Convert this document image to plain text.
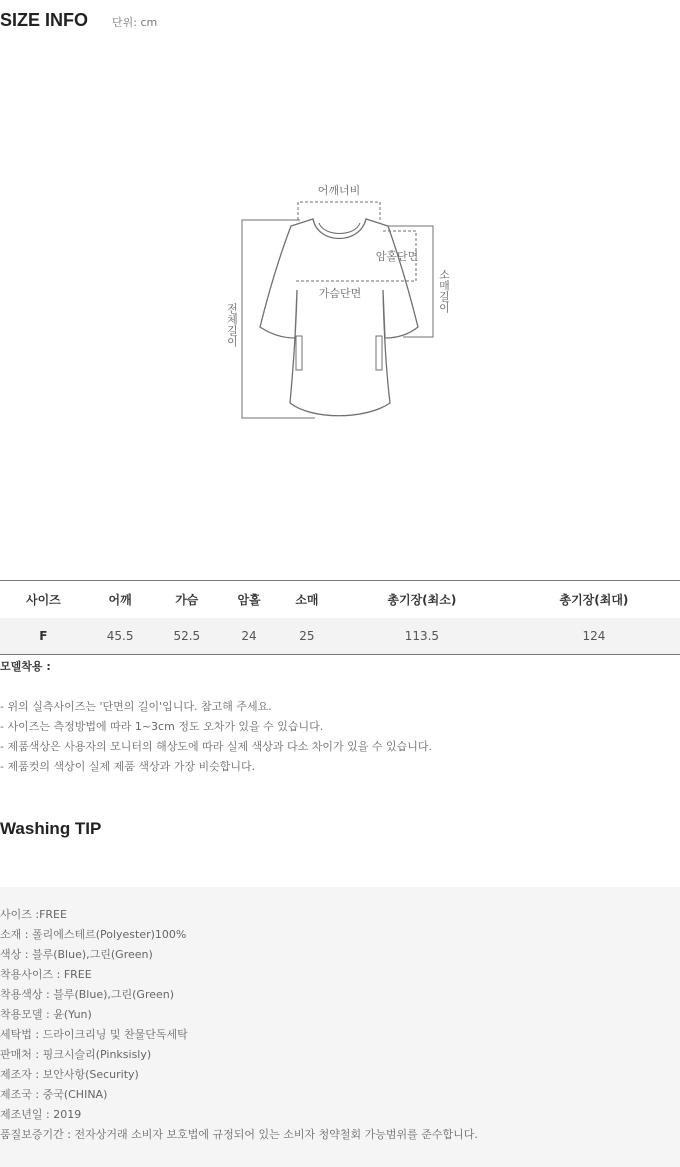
SIZE INFO 단위: cm
어깨너비
암홀단면
가슴단면	소매길이
전체길이
사이즈	어깨	가슴	암홀	소매	총기장(최소)	총기장(최대)
F	45.5	52.5	24	25	113.5	124
모델착용 :
- 위의 실측사이즈는 '단면의 길이'입니다. 참고해 주세요.
- 사이즈는 측정방법에 따라 1~3cm 정도 오차가 있을 수 있습니다.
- 제품색상은 사용자의 모니터의 해상도에 따라 실제 색상과 다소 차이가 있을 수 있습니다.
- 제품컷의 색상이 실제 제품 색상과 가장 비슷합니다.
Washing TIP
사이즈 :FREE
소재 : 폴리에스테르(Polyester)100%
색상 : 블루(Blue),그린(Green)
착용사이즈 : FREE
착용색상 : 블루(Blue),그린(Green)
착용모델 : 윤(Yun)
세탁법 : 드라이크리닝 및 찬물단독세탁
판매처 : 핑크시슬리(Pinksisly)
제조자 : 보안사항(Security)
제조국 : 중국(CHINA)
제조년일 : 2019
품질보증기간 : 전자상거래 소비자 보호법에 규정되어 있는 소비자 청약철회 가능범위를 준수합니다.
